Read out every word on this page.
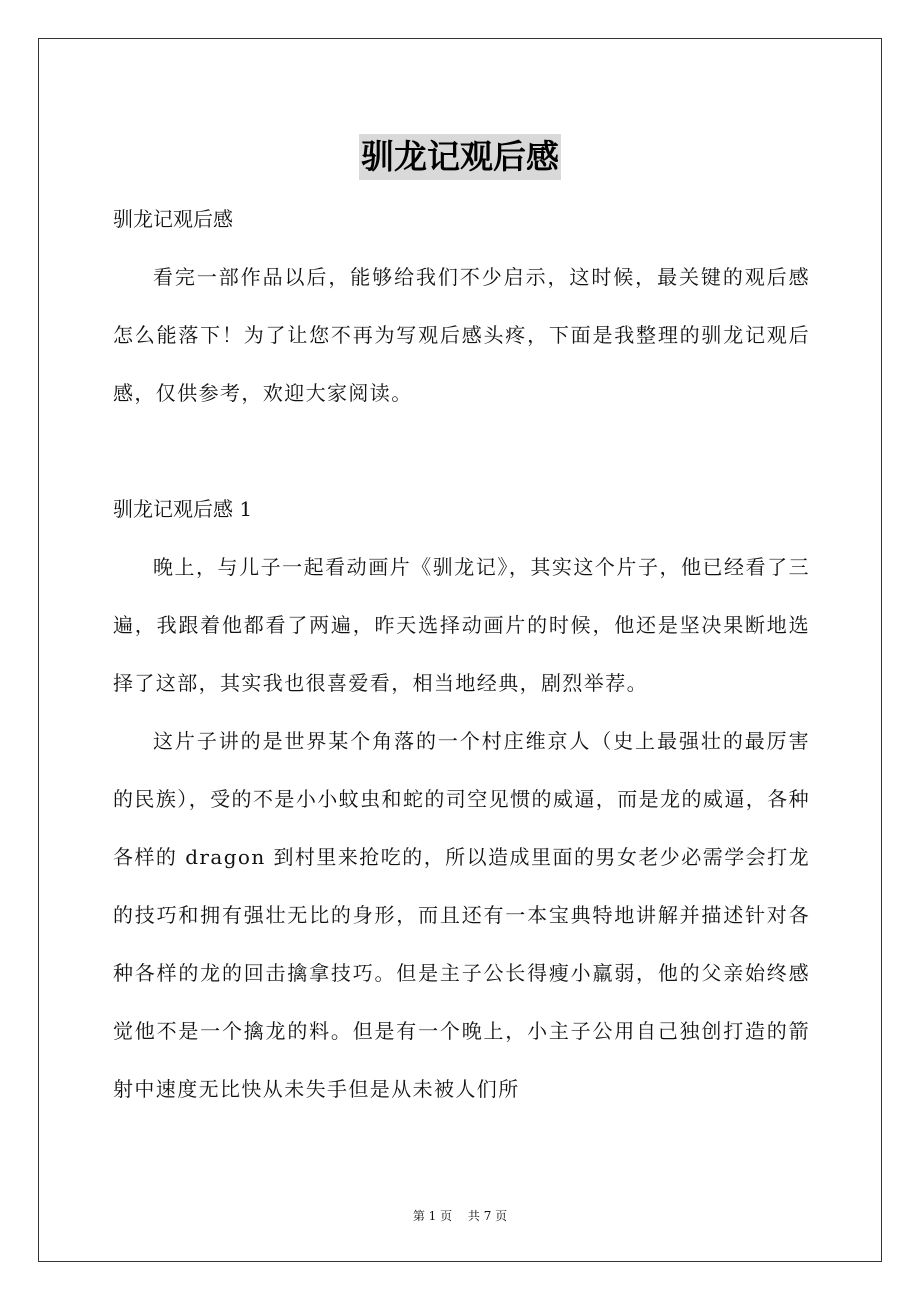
驯龙记观后感

驯龙记观后感

看完一部作品以后，能够给我们不少启示，这时候，最关键的观后感怎么能落下！为了让您不再为写观后感头疼，下面是我整理的驯龙记观后感，仅供参考，欢迎大家阅读。

驯龙记观后感 1

晚上，与儿子一起看动画片《驯龙记》，其实这个片子，他已经看了三遍，我跟着他都看了两遍，昨天选择动画片的时候，他还是坚决果断地选择了这部，其实我也很喜爱看，相当地经典，剧烈举荐。

这片子讲的是世界某个角落的一个村庄维京人（史上最强壮的最厉害的民族），受的不是小小蚊虫和蛇的司空见惯的威逼，而是龙的威逼，各种各样的 dragon 到村里来抢吃的，所以造成里面的男女老少必需学会打龙的技巧和拥有强壮无比的身形，而且还有一本宝典特地讲解并描述针对各种各样的龙的回击擒拿技巧。但是主子公长得瘦小羸弱，他的父亲始终感觉他不是一个擒龙的料。但是有一个晚上，小主子公用自己独创打造的箭射中速度无比快从未失手但是从未被人们所

第 1 页 共 7 页
